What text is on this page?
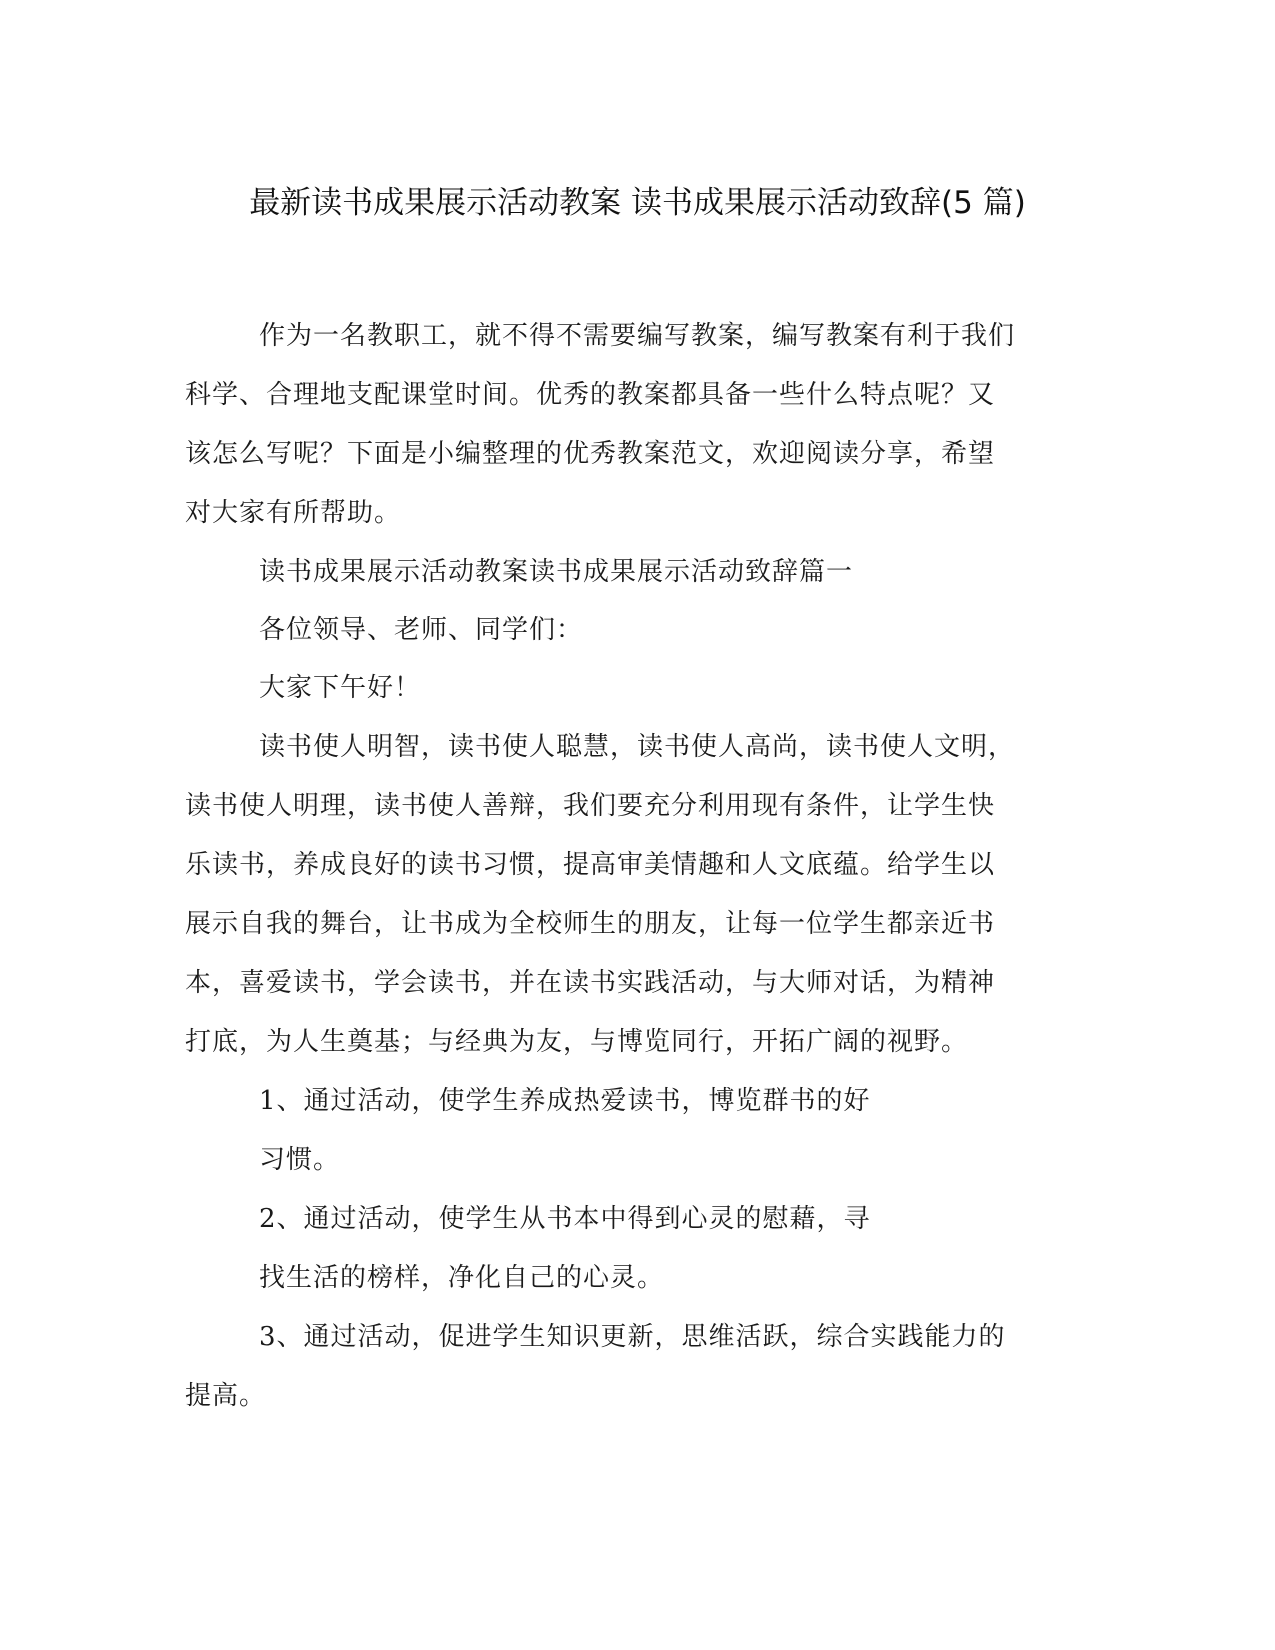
最新读书成果展示活动教案 读书成果展示活动致辞(5 篇)
作为一名教职工，就不得不需要编写教案，编写教案有利于我们
科学、合理地支配课堂时间。优秀的教案都具备一些什么特点呢？又
该怎么写呢？下面是小编整理的优秀教案范文，欢迎阅读分享，希望
对大家有所帮助。
读书成果展示活动教案读书成果展示活动致辞篇一
各位领导、老师、同学们：
大家下午好！
读书使人明智，读书使人聪慧，读书使人高尚，读书使人文明，
读书使人明理，读书使人善辩，我们要充分利用现有条件，让学生快
乐读书，养成良好的读书习惯，提高审美情趣和人文底蕴。给学生以
展示自我的舞台，让书成为全校师生的朋友，让每一位学生都亲近书
本，喜爱读书，学会读书，并在读书实践活动，与大师对话，为精神
打底，为人生奠基；与经典为友，与博览同行，开拓广阔的视野。
1、通过活动，使学生养成热爱读书，博览群书的好
习惯。
2、通过活动，使学生从书本中得到心灵的慰藉，寻
找生活的榜样，净化自己的心灵。
3、通过活动，促进学生知识更新，思维活跃，综合实践能力的
提高。
